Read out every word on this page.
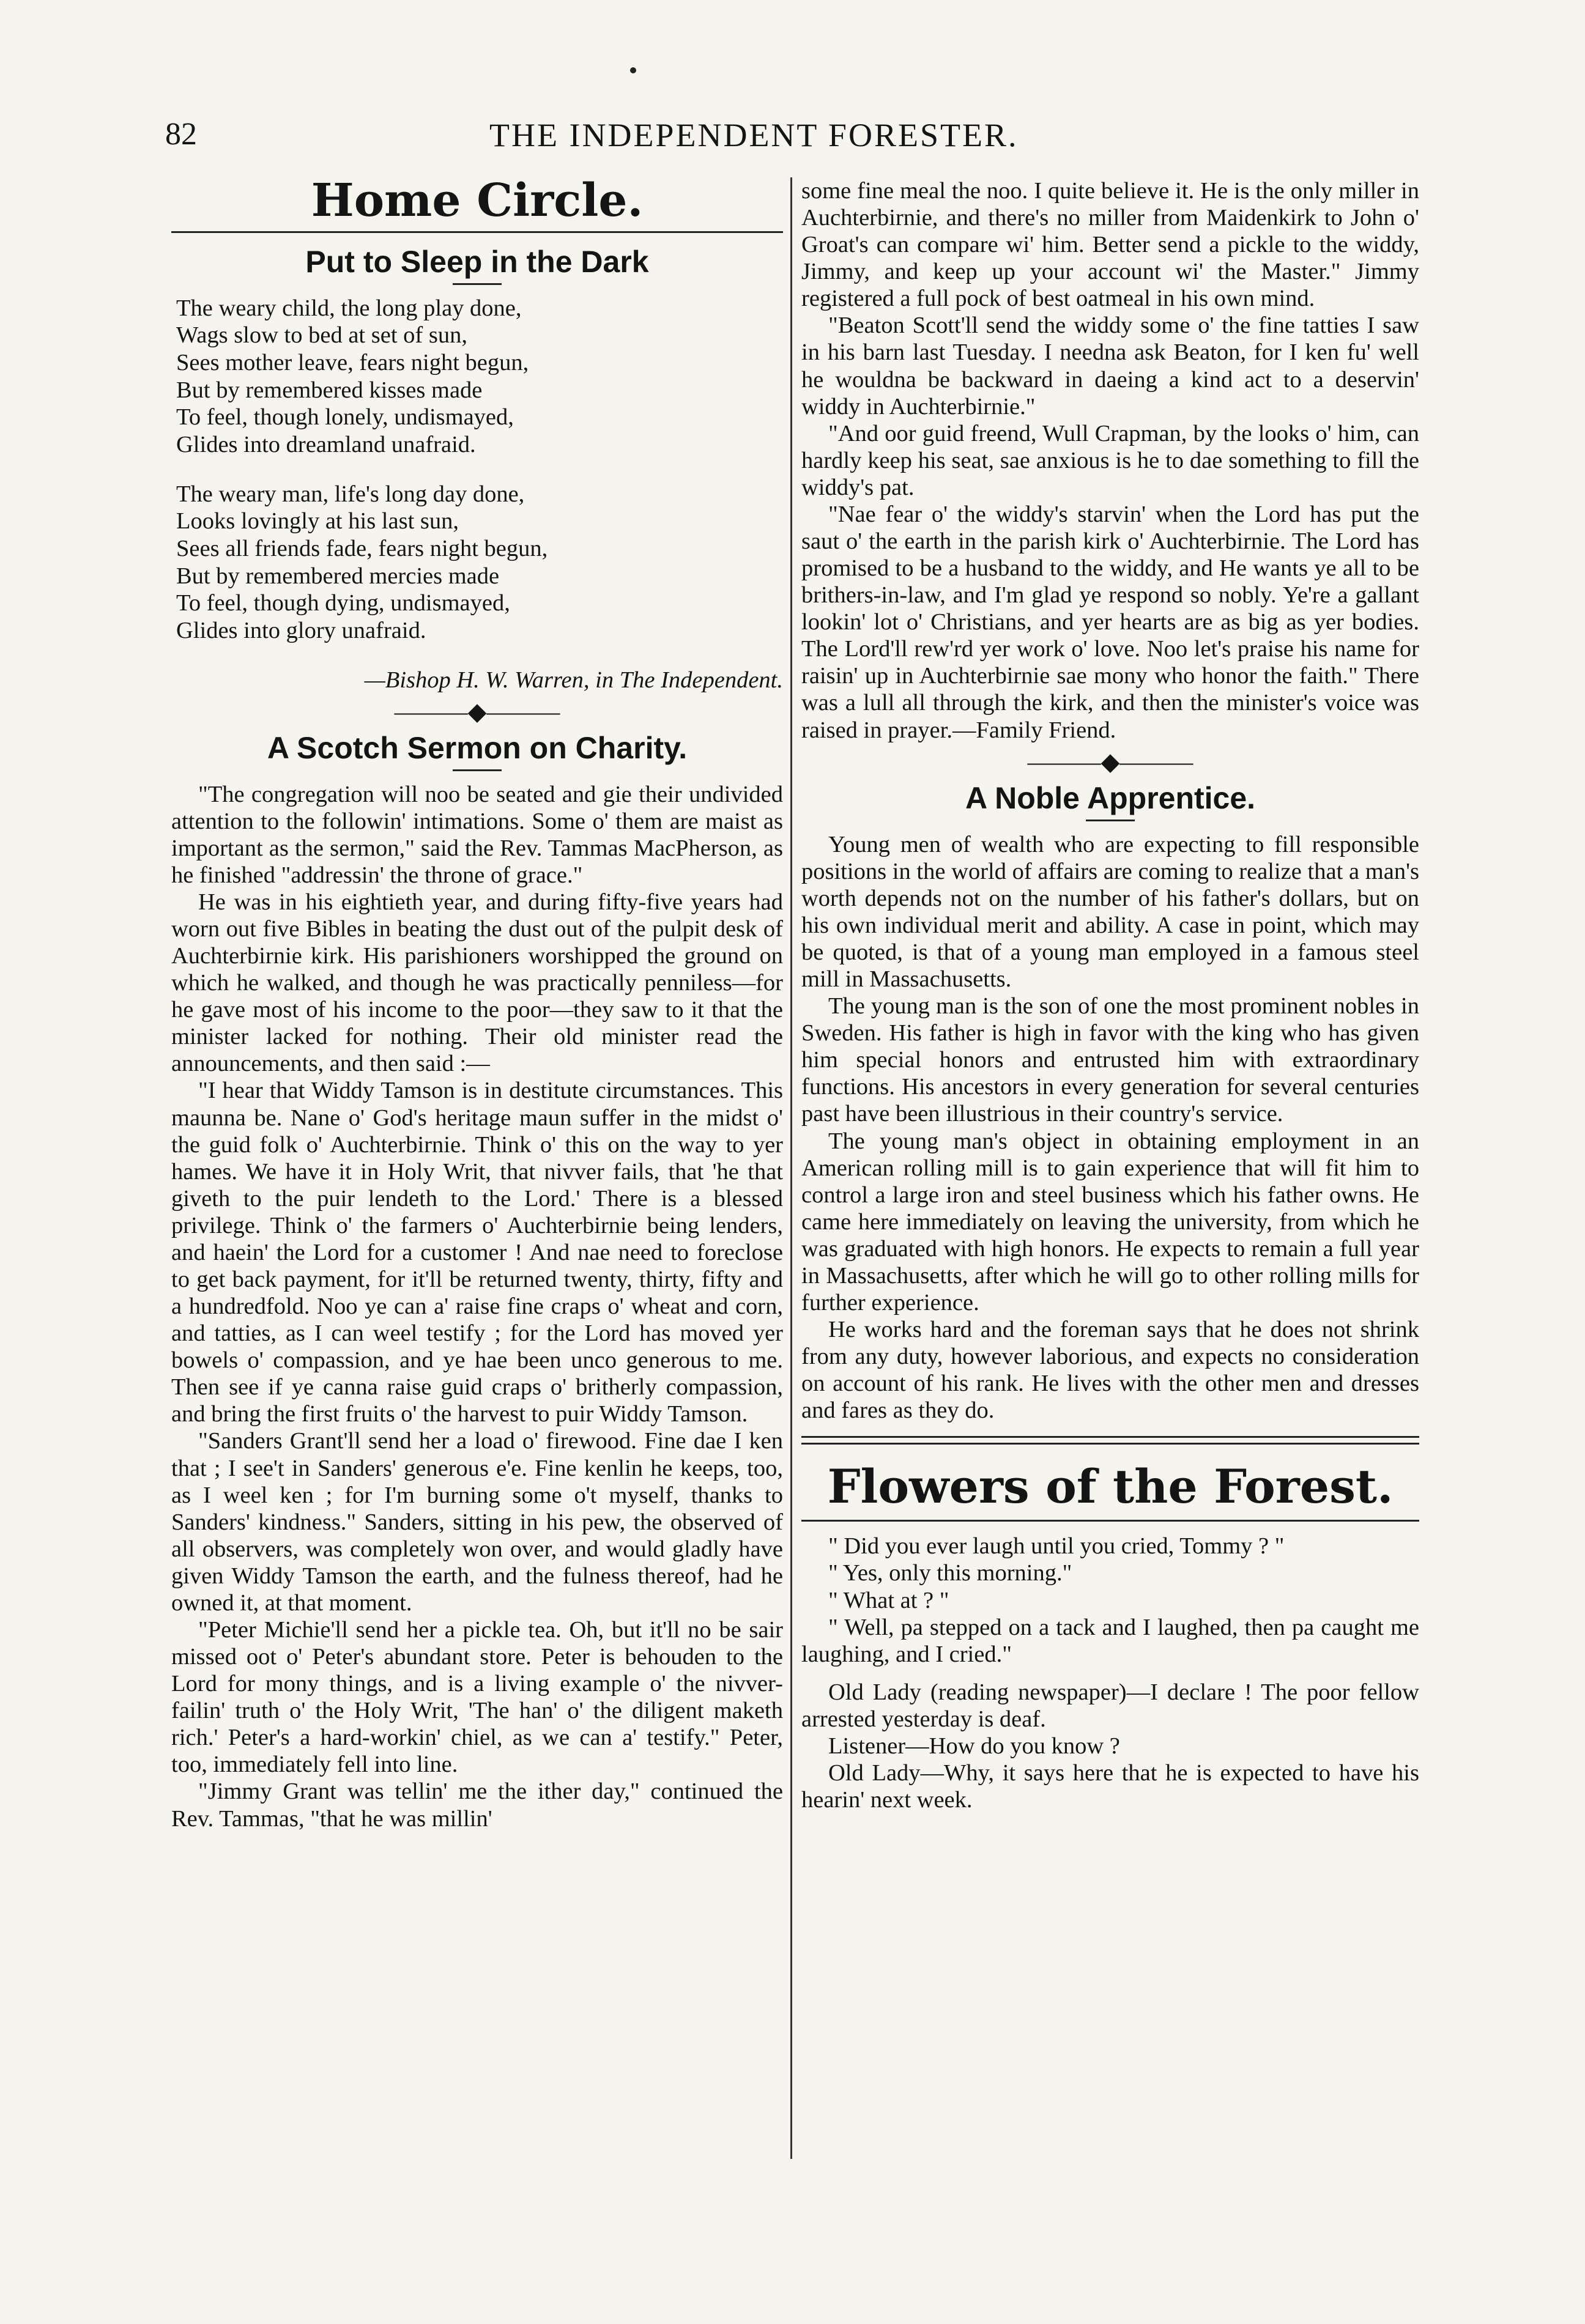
82	THE INDEPENDENT FORESTER.
Home Circle.
Put to Sleep in the Dark
The weary child, the long play done,
Wags slow to bed at set of sun,
Sees mother leave, fears night begun,
But by remembered kisses made
To feel, though lonely, undismayed,
Glides into dreamland unafraid.
The weary man, life's long day done,
Looks lovingly at his last sun,
Sees all friends fade, fears night begun,
But by remembered mercies made
To feel, though dying, undismayed,
Glides into glory unafraid.
—Bishop H. W. Warren, in The Independent.
———◆———
A Scotch Sermon on Charity.

"The congregation will noo be seated and gie their undivided attention to the followin' intimations. Some o' them are maist as important as the sermon," said the Rev. Tammas MacPherson, as he finished "addressin' the throne of grace."

He was in his eightieth year, and during fifty-five years had worn out five Bibles in beating the dust out of the pulpit desk of Auchterbirnie kirk. His parishioners worshipped the ground on which he walked, and though he was practically penniless—for he gave most of his income to the poor—they saw to it that the minister lacked for nothing. Their old minister read the announcements, and then said :—

"I hear that Widdy Tamson is in destitute circumstances. This maunna be. Nane o' God's heritage maun suffer in the midst o' the guid folk o' Auchterbirnie. Think o' this on the way to yer hames. We have it in Holy Writ, that nivver fails, that 'he that giveth to the puir lendeth to the Lord.' There is a blessed privilege. Think o' the farmers o' Auchterbirnie being lenders, and haein' the Lord for a customer ! And nae need to foreclose to get back payment, for it'll be returned twenty, thirty, fifty and a hundredfold. Noo ye can a' raise fine craps o' wheat and corn, and tatties, as I can weel testify ; for the Lord has moved yer bowels o' compassion, and ye hae been unco generous to me. Then see if ye canna raise guid craps o' britherly compassion, and bring the first fruits o' the harvest to puir Widdy Tamson.

"Sanders Grant'll send her a load o' firewood. Fine dae I ken that ; I see't in Sanders' generous e'e. Fine kenlin he keeps, too, as I weel ken ; for I'm burning some o't myself, thanks to Sanders' kindness." Sanders, sitting in his pew, the observed of all observers, was completely won over, and would gladly have given Widdy Tamson the earth, and the fulness thereof, had he owned it, at that moment.

"Peter Michie'll send her a pickle tea. Oh, but it'll no be sair missed oot o' Peter's abundant store. Peter is behouden to the Lord for mony things, and is a living example o' the nivver-failin' truth o' the Holy Writ, 'The han' o' the diligent maketh rich.' Peter's a hard-workin' chiel, as we can a' testify." Peter, too, immediately fell into line.

"Jimmy Grant was tellin' me the ither day," continued the Rev. Tammas, "that he was millin'

some fine meal the noo. I quite believe it. He is the only miller in Auchterbirnie, and there's no miller from Maidenkirk to John o' Groat's can compare wi' him. Better send a pickle to the widdy, Jimmy, and keep up your account wi' the Master." Jimmy registered a full pock of best oatmeal in his own mind.

"Beaton Scott'll send the widdy some o' the fine tatties I saw in his barn last Tuesday. I needna ask Beaton, for I ken fu' well he wouldna be backward in daeing a kind act to a deservin' widdy in Auchterbirnie."

"And oor guid freend, Wull Crapman, by the looks o' him, can hardly keep his seat, sae anxious is he to dae something to fill the widdy's pat.

"Nae fear o' the widdy's starvin' when the Lord has put the saut o' the earth in the parish kirk o' Auchterbirnie. The Lord has promised to be a husband to the widdy, and He wants ye all to be brithers-in-law, and I'm glad ye respond so nobly. Ye're a gallant lookin' lot o' Christians, and yer hearts are as big as yer bodies. The Lord'll rew'rd yer work o' love. Noo let's praise his name for raisin' up in Auchterbirnie sae mony who honor the faith." There was a lull all through the kirk, and then the minister's voice was raised in prayer.—Family Friend.

———◆———
A Noble Apprentice.

Young men of wealth who are expecting to fill responsible positions in the world of affairs are coming to realize that a man's worth depends not on the number of his father's dollars, but on his own individual merit and ability. A case in point, which may be quoted, is that of a young man employed in a famous steel mill in Massachusetts.

The young man is the son of one the most prominent nobles in Sweden. His father is high in favor with the king who has given him special honors and entrusted him with extraordinary functions. His ancestors in every generation for several centuries past have been illustrious in their country's service.

The young man's object in obtaining employment in an American rolling mill is to gain experience that will fit him to control a large iron and steel business which his father owns. He came here immediately on leaving the university, from which he was graduated with high honors. He expects to remain a full year in Massachusetts, after which he will go to other rolling mills for further experience.

He works hard and the foreman says that he does not shrink from any duty, however laborious, and expects no consideration on account of his rank. He lives with the other men and dresses and fares as they do.

Flowers of the Forest.

" Did you ever laugh until you cried, Tommy ? "

" Yes, only this morning."

" What at ? "

" Well, pa stepped on a tack and I laughed, then pa caught me laughing, and I cried."

Old Lady (reading newspaper)—I declare ! The poor fellow arrested yesterday is deaf.

Listener—How do you know ?

Old Lady—Why, it says here that he is expected to have his hearin' next week.
